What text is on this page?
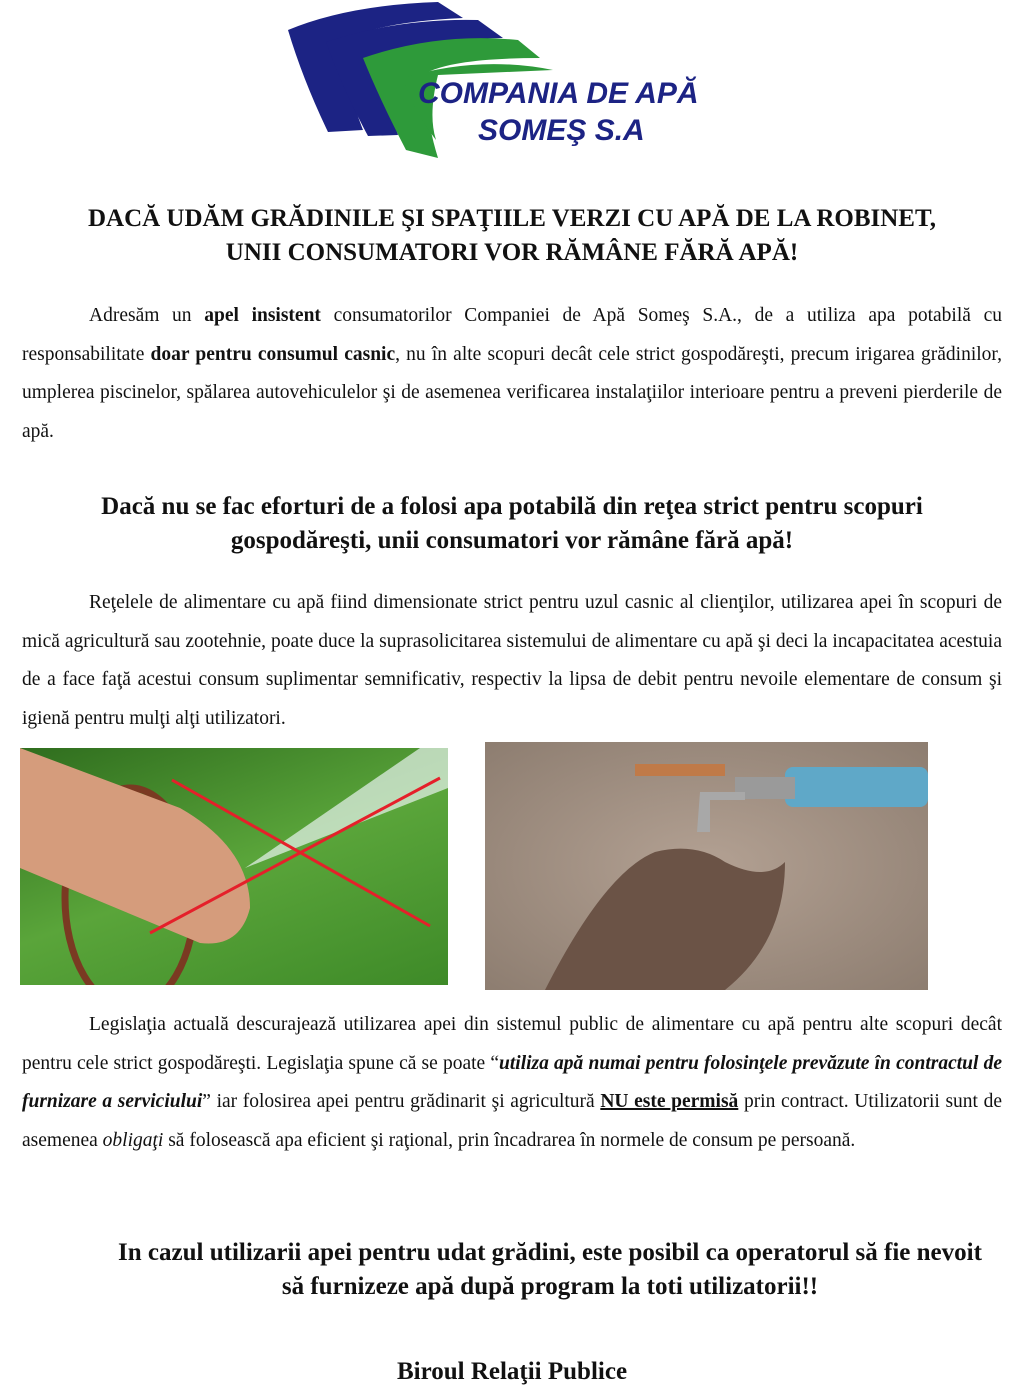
COMPANIA DE APĂ
SOMEŞ S.A
DACĂ UDĂM GRĂDINILE ŞI SPAŢIILE VERZI CU APĂ DE LA ROBINET,
UNII CONSUMATORI VOR RĂMÂNE FĂRĂ APĂ!
Adresăm un apel insistent consumatorilor Companiei de Apă Someş S.A., de a utiliza apa potabilă cu responsabilitate doar pentru consumul casnic, nu în alte scopuri decât cele strict gospodăreşti, precum irigarea grădinilor, umplerea piscinelor, spălarea autovehiculelor şi de asemenea verificarea instalaţiilor interioare pentru a preveni pierderile de apă.
Dacă nu se fac eforturi de a folosi apa potabilă din reţea strict pentru scopuri
gospodăreşti, unii consumatori vor rămâne fără apă!
Reţelele de alimentare cu apă fiind dimensionate strict pentru uzul casnic al clienţilor, utilizarea apei în scopuri de mică agricultură sau zootehnie, poate duce la suprasolicitarea sistemului de alimentare cu apă şi deci la incapacitatea acestuia de a face faţă acestui consum suplimentar semnificativ, respectiv la lipsa de debit pentru nevoile elementare de consum şi igienă pentru mulţi alţi utilizatori.
Legislaţia actuală descurajează utilizarea apei din sistemul public de alimentare cu apă pentru alte scopuri decât pentru cele strict gospodăreşti. Legislaţia spune că se poate “utiliza apă numai pentru folosinţele prevăzute în contractul de furnizare a serviciului” iar folosirea apei pentru grădinarit şi agricultură NU este permisă prin contract. Utilizatorii sunt de asemenea obligaţi să folosească apa eficient şi raţional, prin încadrarea în normele de consum pe persoană.
In cazul utilizarii apei pentru udat grădini, este posibil ca operatorul să fie nevoit
să furnizeze apă după program la toti utilizatorii!!
Biroul Relaţii Publice
